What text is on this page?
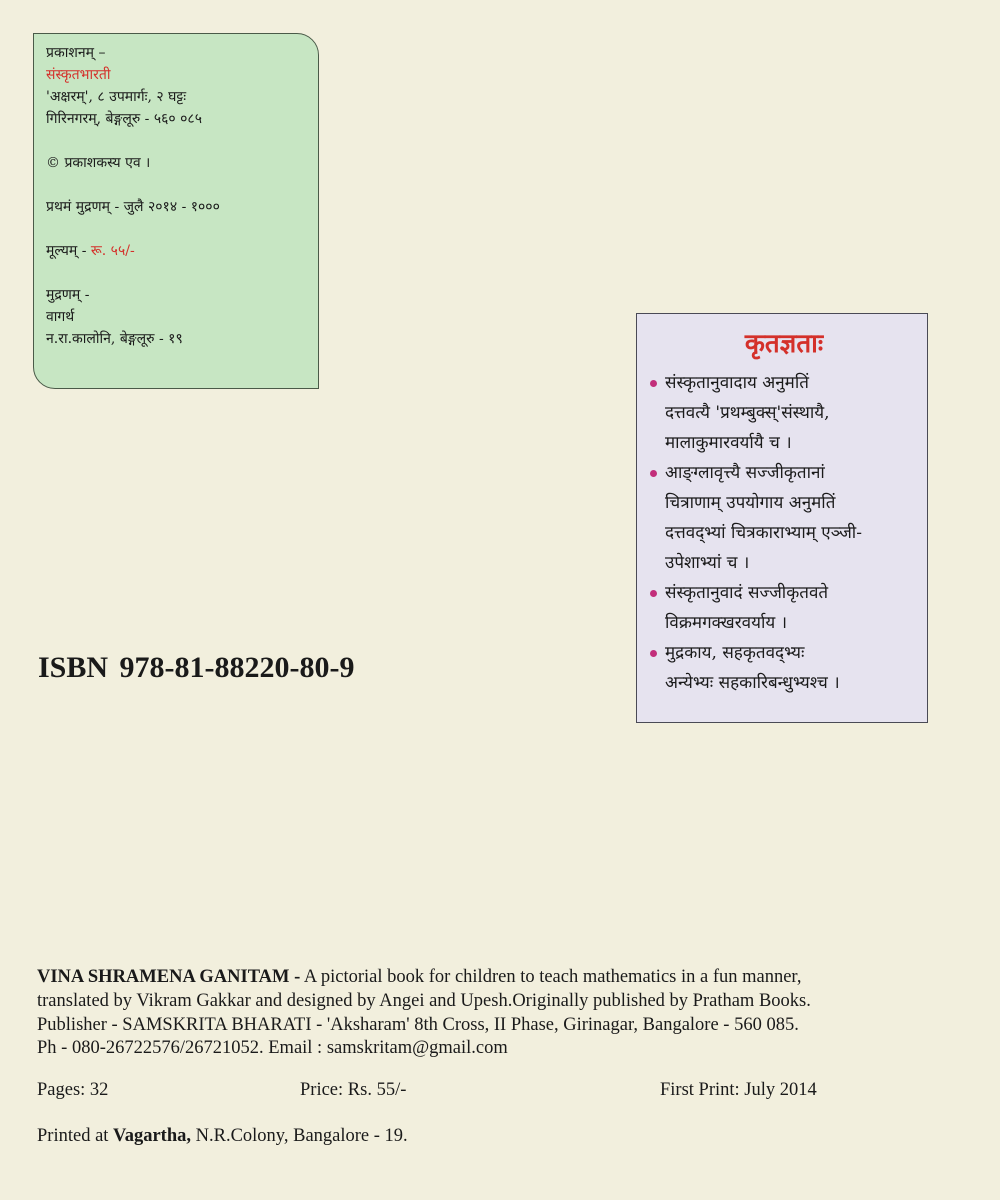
प्रकाशनम् –
संस्कृतभारती
'अक्षरम्', ८ उपमार्गः, २ घट्टः
गिरिनगरम्, बेङ्गलूरु - ५६० ०८५
© प्रकाशकस्य एव ।
प्रथमं मुद्रणम् - जुलै २०१४ - १०००
मूल्यम् - रू. ५५/-
मुद्रणम् -
वागर्थ
न.रा.कालोनि, बेङ्गलूरु - १९	कृतज्ञताः
संस्कृतानुवादाय अनुमतिं
दत्तवत्यै 'प्रथम्बुक्स्'संस्थायै,
मालाकुमारवर्यायै च ।
आङ्ग्लावृत्त्यै सज्जीकृतानां
चित्राणाम् उपयोगाय अनुमतिं
दत्तवद्भ्यां चित्रकाराभ्याम् एञ्जी-
उपेशाभ्यां च ।
संस्कृतानुवादं सज्जीकृतवते
विक्रमगक्खरवर्याय ।
मुद्रकाय, सहकृतवद्भ्यः
अन्येभ्यः सहकारिबन्धुभ्यश्च ।
ISBN 978-81-88220-80-9
VINA SHRAMENA GANITAM - A pictorial book for children to teach mathematics in a fun manner,
translated by Vikram Gakkar and designed by Angei and Upesh.Originally published by Pratham Books.
Publisher - SAMSKRITA BHARATI - 'Aksharam' 8th Cross, II Phase, Girinagar, Bangalore - 560 085.
Ph - 080-26722576/26721052. Email : samskritam@gmail.com
Pages: 32	Price: Rs. 55/-	First Print: July 2014
Printed at Vagartha, N.R.Colony, Bangalore - 19.
